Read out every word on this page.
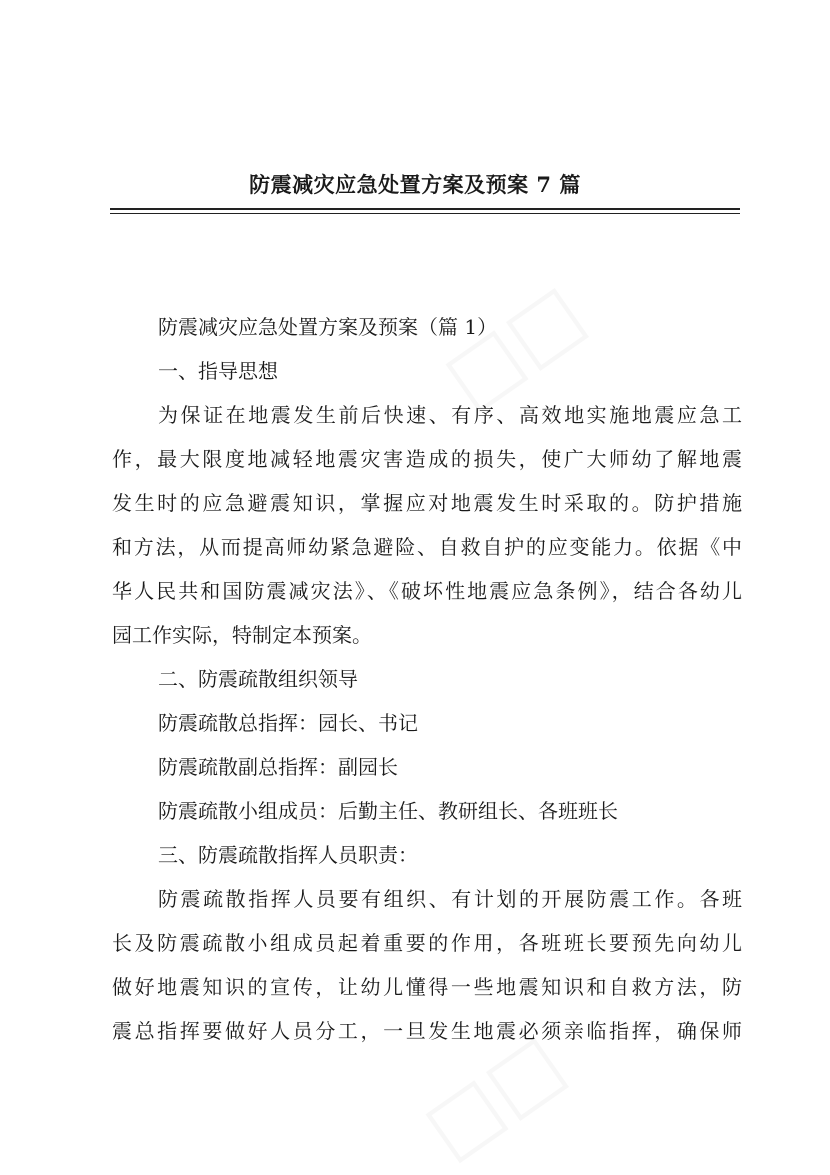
□□
□□
防震减灾应急处置方案及预案 7 篇
防震减灾应急处置方案及预案（篇 1）
一、指导思想
为保证在地震发生前后快速、有序、高效地实施地震应急工
作，最大限度地减轻地震灾害造成的损失，使广大师幼了解地震
发生时的应急避震知识，掌握应对地震发生时采取的。防护措施
和方法，从而提高师幼紧急避险、自救自护的应变能力。依据《中
华人民共和国防震减灾法》、《破坏性地震应急条例》，结合各幼儿
园工作实际，特制定本预案。
二、防震疏散组织领导
防震疏散总指挥：园长、书记
防震疏散副总指挥：副园长
防震疏散小组成员：后勤主任、教研组长、各班班长
三、防震疏散指挥人员职责：
防震疏散指挥人员要有组织、有计划的开展防震工作。各班
长及防震疏散小组成员起着重要的作用，各班班长要预先向幼儿
做好地震知识的宣传，让幼儿懂得一些地震知识和自救方法，防
震总指挥要做好人员分工，一旦发生地震必须亲临指挥，确保师
